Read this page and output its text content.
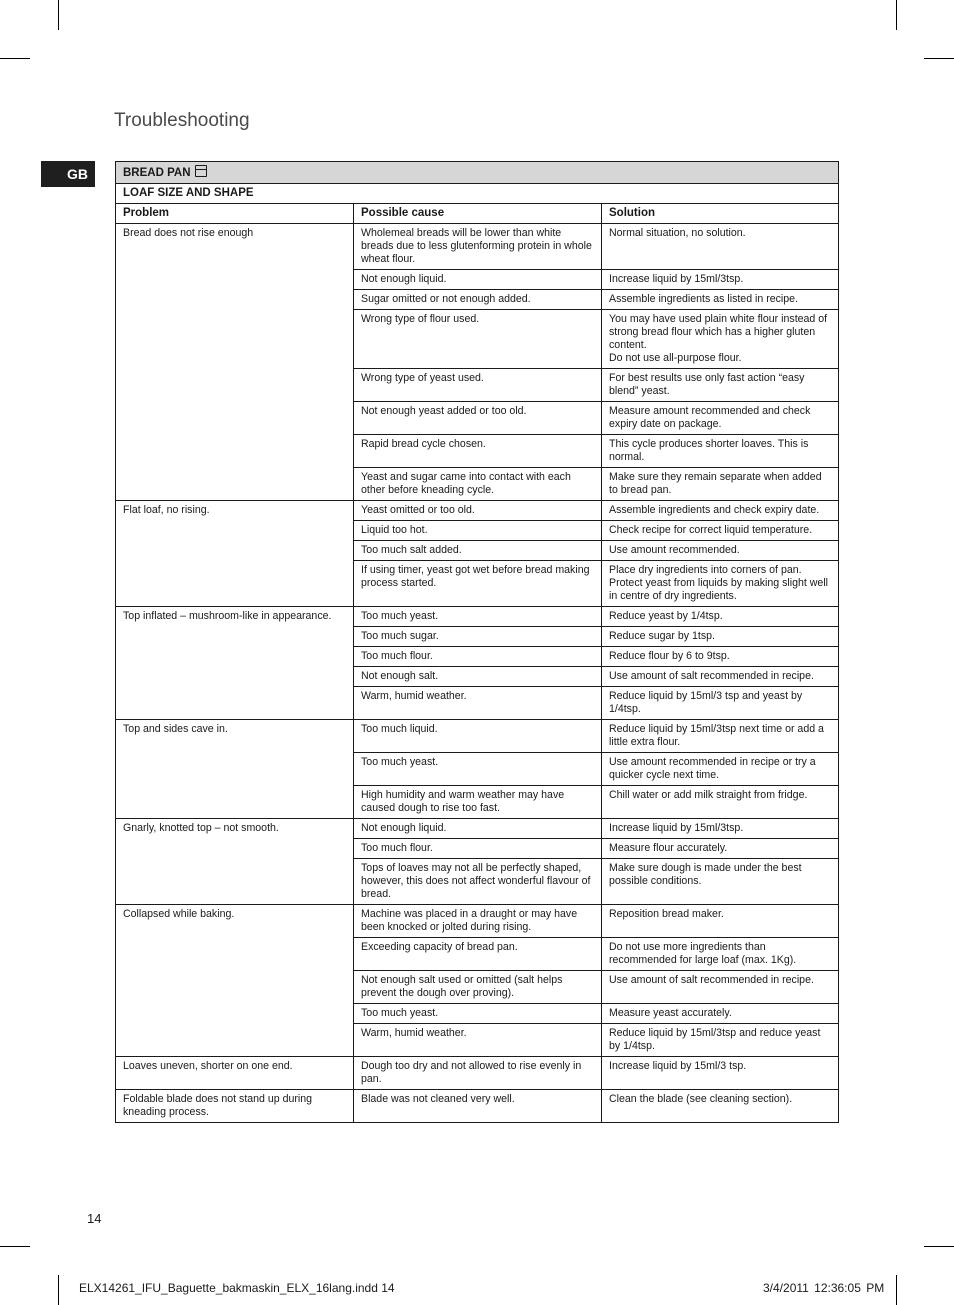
Troubleshooting
GB	BREAD PAN		
LOAF SIZE AND SHAPE		
Problem	Possible cause	Solution
Bread does not rise enough	Wholemeal breads will be lower than white breads due to less glutenforming protein in whole wheat flour.	Normal situation, no solution.
	Not enough liquid.	Increase liquid by 15ml/3tsp.
	Sugar omitted or not enough added.	Assemble ingredients as listed in recipe.
	Wrong type of flour used.	You may have used plain white flour instead of strong bread flour which has a higher gluten content.
Do not use all-purpose flour.
	Wrong type of yeast used.	For best results use only fast action “easy blend” yeast.
	Not enough yeast added or too old.	Measure amount recommended and check expiry date on package.
	Rapid bread cycle chosen.	This cycle produces shorter loaves. This is normal.
	Yeast and sugar came into contact with each other before kneading cycle.	Make sure they remain separate when added to bread pan.
Flat loaf, no rising.	Yeast omitted or too old.	Assemble ingredients and check expiry date.
	Liquid too hot.	Check recipe for correct liquid temperature.
	Too much salt added.	Use amount recommended.
	If using timer, yeast got wet before bread making process started.	Place dry ingredients into corners of pan. Protect yeast from liquids by making slight well in centre of dry ingredients.
Top inflated – mushroom-like in appearance.	Too much yeast.	Reduce yeast by 1/4tsp.
	Too much sugar.	Reduce sugar by 1tsp.
	Too much flour.	Reduce flour by 6 to 9tsp.
	Not enough salt.	Use amount of salt recommended in recipe.
	Warm, humid weather.	Reduce liquid by 15ml/3 tsp and yeast by 1/4tsp.
Top and sides cave in.	Too much liquid.	Reduce liquid by 15ml/3tsp next time or add a little extra flour.
	Too much yeast.	Use amount recommended in recipe or try a quicker cycle next time.
	High humidity and warm weather may have caused dough to rise too fast.	Chill water or add milk straight from fridge.
Gnarly, knotted top – not smooth.	Not enough liquid.	Increase liquid by 15ml/3tsp.
	Too much flour.	Measure flour accurately.
	Tops of loaves may not all be perfectly shaped, however, this does not affect wonderful flavour of bread.	Make sure dough is made under the best possible conditions.
Collapsed while baking.	Machine was placed in a draught or may have been knocked or jolted during rising.	Reposition bread maker.
	Exceeding capacity of bread pan.	Do not use more ingredients than recommended for large loaf (max. 1Kg).
	Not enough salt used or omitted (salt helps prevent the dough over proving).	Use amount of salt recommended in recipe.
	Too much yeast.	Measure yeast accurately.
	Warm, humid weather.	Reduce liquid by 15ml/3tsp and reduce yeast by 1/4tsp.
Loaves uneven, shorter on one end.	Dough too dry and not allowed to rise evenly in pan.	Increase liquid by 15ml/3 tsp.
Foldable blade does not stand up during kneading process.	Blade was not cleaned very well.	Clean the blade (see cleaning section).
14
ELX14261_IFU_Baguette_bakmaskin_ELX_16lang.indd 14	3/4/2011 12:36:05 PM
